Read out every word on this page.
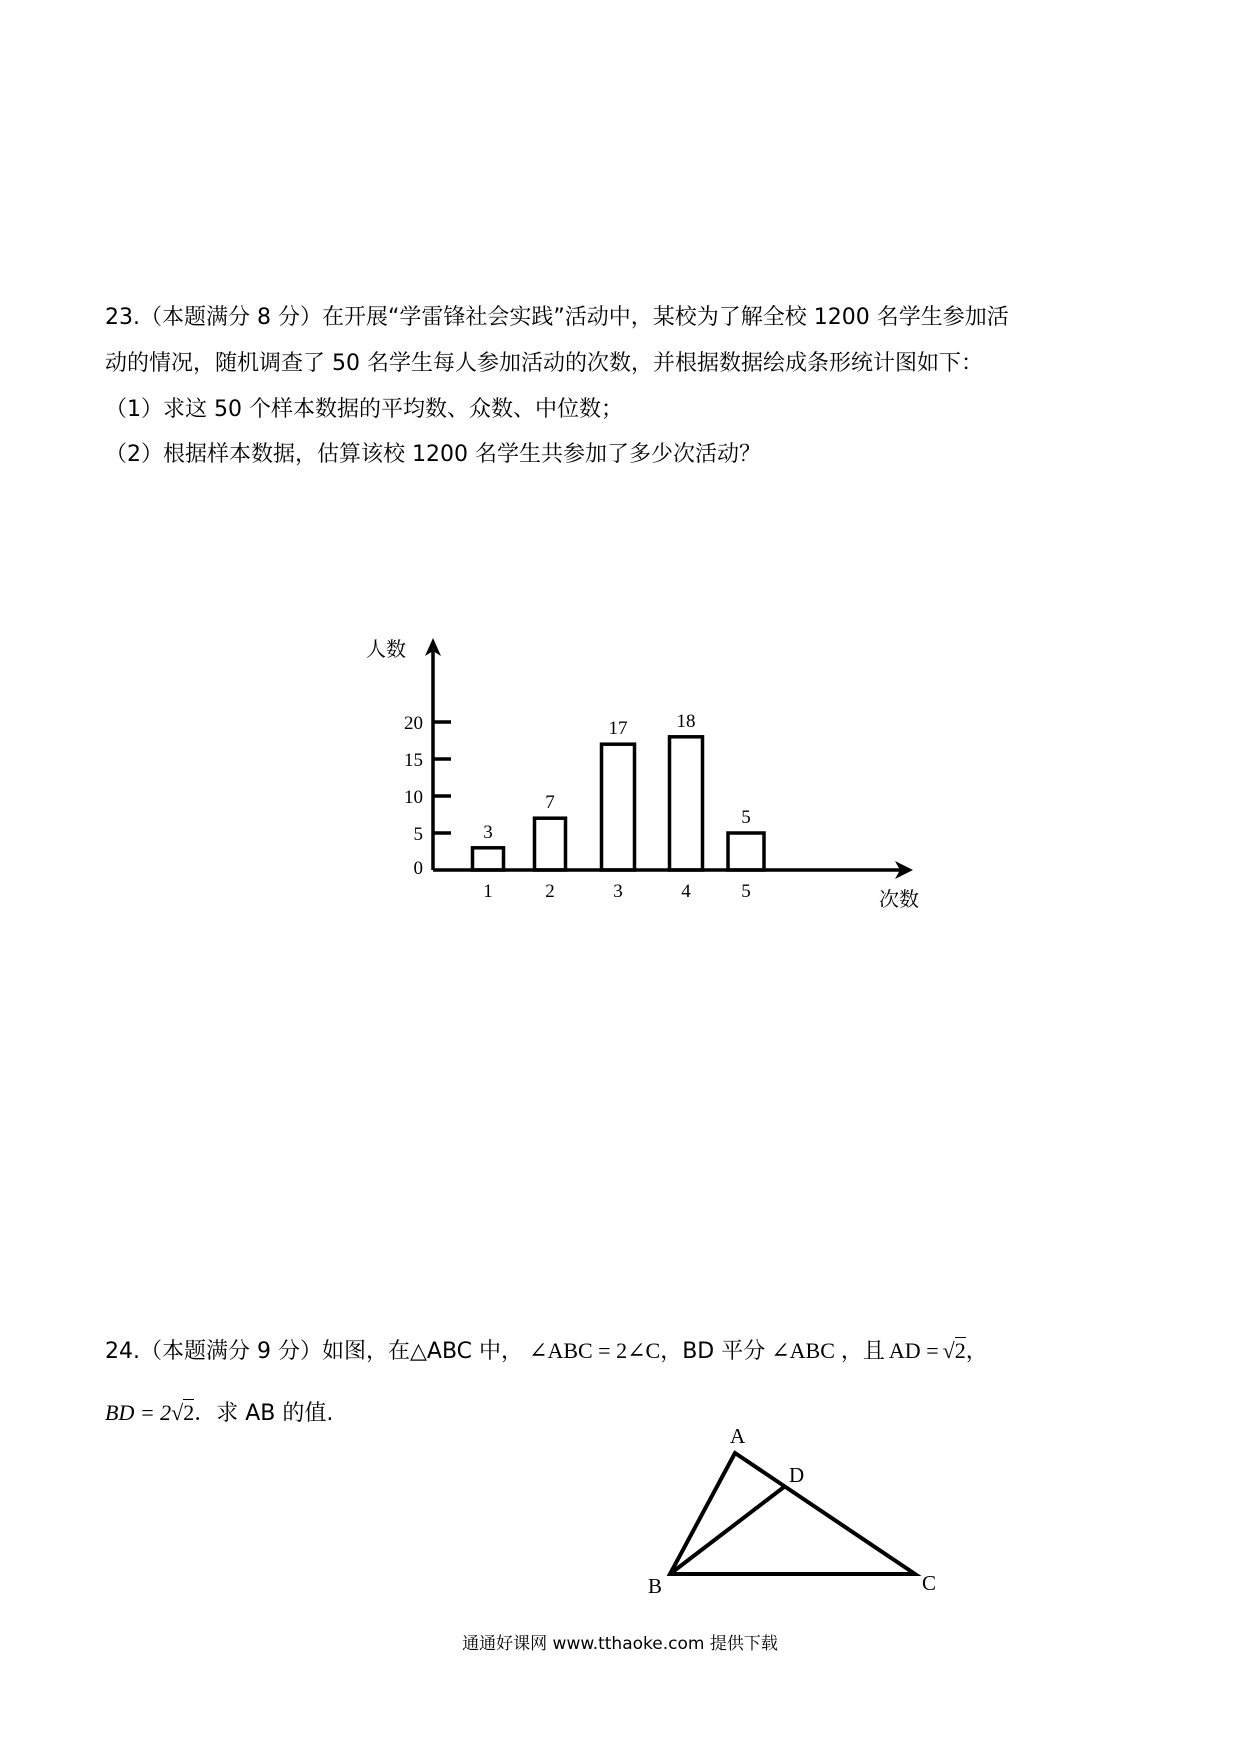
23.（本题满分 8 分）在开展“学雷锋社会实践”活动中，某校为了解全校 1200 名学生参加活
动的情况，随机调查了 50 名学生每人参加活动的次数，并根据数据绘成条形统计图如下：
（1）求这 50 个样本数据的平均数、众数、中位数；
（2）根据样本数据，估算该校 1200 名学生共参加了多少次活动？
0
5
10
15
20
3
1
7
2
17
3
18
4
5
5
人数
次数
24.（本题满分 9 分）如图，在△ABC 中， ∠ABC = 2∠C，BD 平分 ∠ABC ，且 AD = √2，
BD = 2√2．求 AB 的值.
A
D
B	C
通通好课网 www.tthaoke.com 提供下载
